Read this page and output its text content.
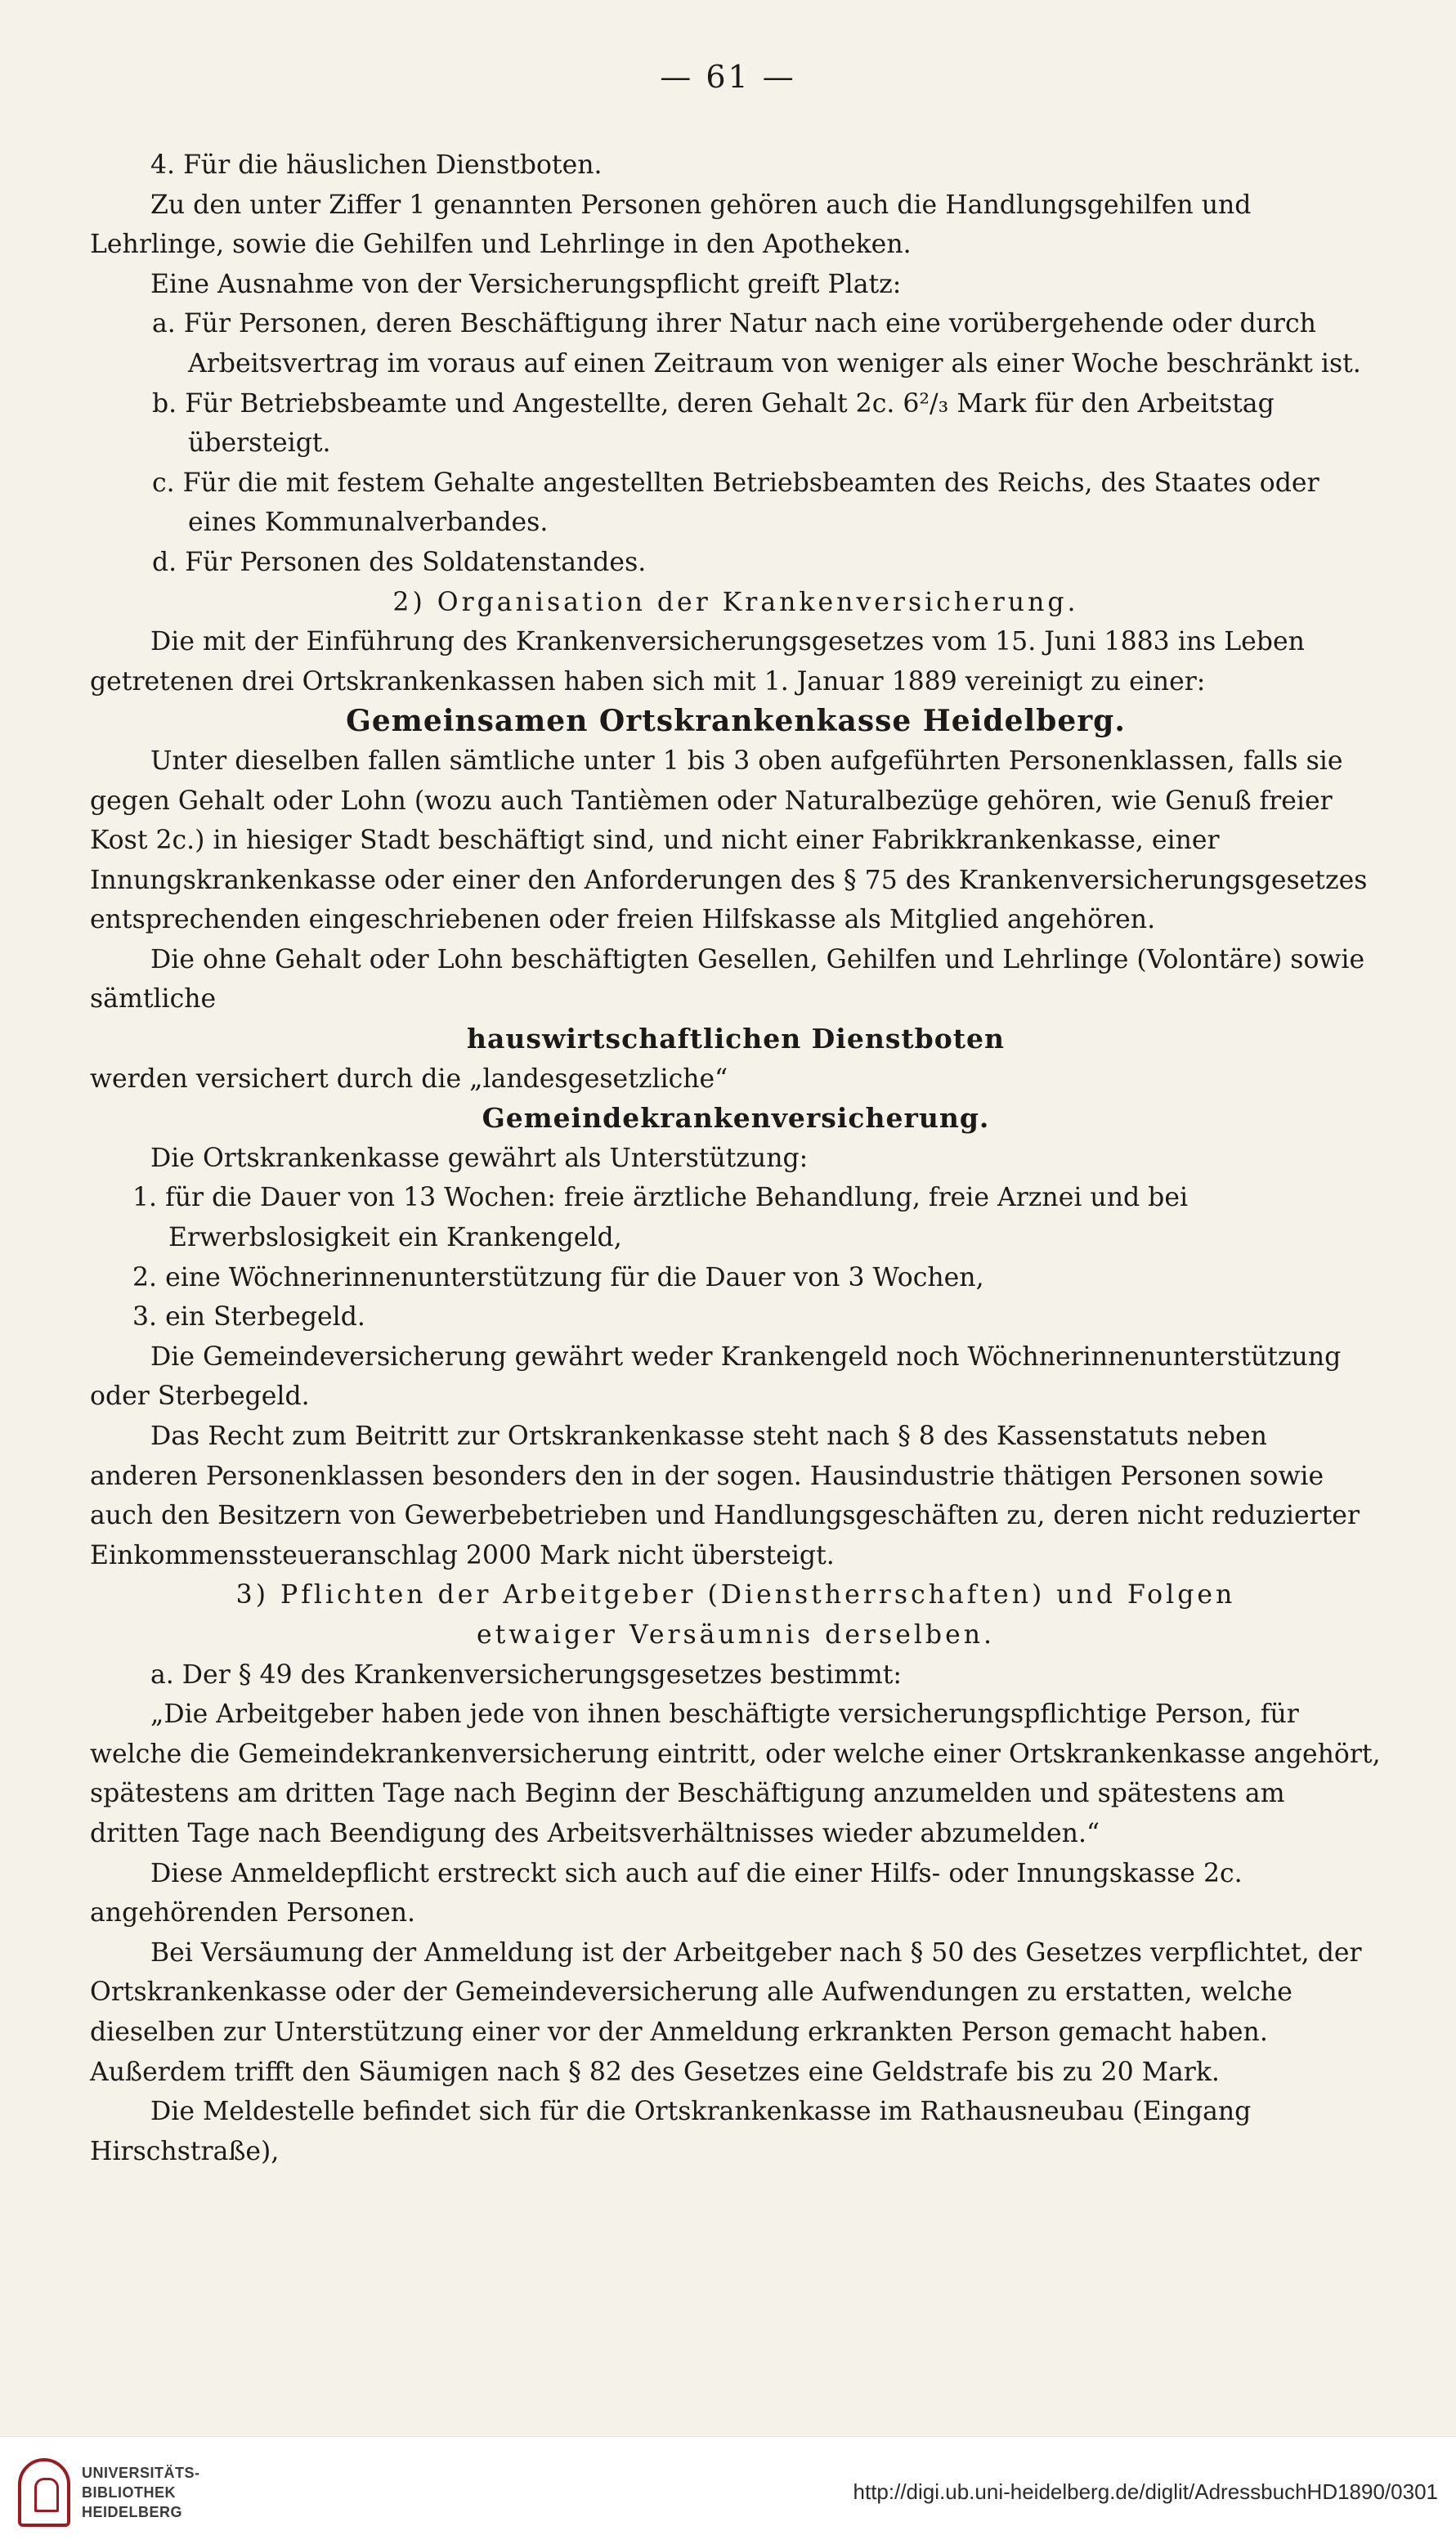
— 61 —

4. Für die häuslichen Dienstboten.

Zu den unter Ziffer 1 genannten Personen gehören auch die Handlungsgehilfen und Lehrlinge, sowie die Gehilfen und Lehrlinge in den Apotheken.

Eine Ausnahme von der Versicherungspflicht greift Platz:

a. Für Personen, deren Beschäftigung ihrer Natur nach eine vorübergehende oder durch Arbeitsvertrag im voraus auf einen Zeitraum von weniger als einer Woche beschränkt ist.

b. Für Betriebsbeamte und Angestellte, deren Gehalt 2c. 6²/₃ Mark für den Arbeitstag übersteigt.

c. Für die mit festem Gehalte angestellten Betriebsbeamten des Reichs, des Staates oder eines Kommunalverbandes.

d. Für Personen des Soldatenstandes.

2) Organisation der Krankenversicherung.

Die mit der Einführung des Krankenversicherungsgesetzes vom 15. Juni 1883 ins Leben getretenen drei Ortskrankenkassen haben sich mit 1. Januar 1889 vereinigt zu einer:

Gemeinsamen Ortskrankenkasse Heidelberg.

Unter dieselben fallen sämtliche unter 1 bis 3 oben aufgeführten Personenklassen, falls sie gegen Gehalt oder Lohn (wozu auch Tantièmen oder Naturalbezüge gehören, wie Genuß freier Kost 2c.) in hiesiger Stadt beschäftigt sind, und nicht einer Fabrikkrankenkasse, einer Innungskrankenkasse oder einer den Anforderungen des § 75 des Krankenversicherungsgesetzes entsprechenden eingeschriebenen oder freien Hilfskasse als Mitglied angehören.

Die ohne Gehalt oder Lohn beschäftigten Gesellen, Gehilfen und Lehrlinge (Volontäre) sowie sämtliche

hauswirtschaftlichen Dienstboten

werden versichert durch die „landesgesetzliche“

Gemeindekrankenversicherung.

Die Ortskrankenkasse gewährt als Unterstützung:

1. für die Dauer von 13 Wochen: freie ärztliche Behandlung, freie Arznei und bei Erwerbslosigkeit ein Krankengeld,

2. eine Wöchnerinnenunterstützung für die Dauer von 3 Wochen,

3. ein Sterbegeld.

Die Gemeindeversicherung gewährt weder Krankengeld noch Wöchnerinnenunterstützung oder Sterbegeld.

Das Recht zum Beitritt zur Ortskrankenkasse steht nach § 8 des Kassenstatuts neben anderen Personenklassen besonders den in der sogen. Hausindustrie thätigen Personen sowie auch den Besitzern von Gewerbebetrieben und Handlungsgeschäften zu, deren nicht reduzierter Einkommenssteueranschlag 2000 Mark nicht übersteigt.

3) Pflichten der Arbeitgeber (Dienstherrschaften) und Folgen

etwaiger Versäumnis derselben.

a. Der § 49 des Krankenversicherungsgesetzes bestimmt:

„Die Arbeitgeber haben jede von ihnen beschäftigte versicherungspflichtige Person, für welche die Gemeindekrankenversicherung eintritt, oder welche einer Ortskrankenkasse angehört, spätestens am dritten Tage nach Beginn der Beschäftigung anzumelden und spätestens am dritten Tage nach Beendigung des Arbeitsverhältnisses wieder abzumelden.“

Diese Anmeldepflicht erstreckt sich auch auf die einer Hilfs- oder Innungskasse 2c. angehörenden Personen.

Bei Versäumung der Anmeldung ist der Arbeitgeber nach § 50 des Gesetzes verpflichtet, der Ortskrankenkasse oder der Gemeindeversicherung alle Aufwendungen zu erstatten, welche dieselben zur Unterstützung einer vor der Anmeldung erkrankten Person gemacht haben. Außerdem trifft den Säumigen nach § 82 des Gesetzes eine Geldstrafe bis zu 20 Mark.

Die Meldestelle befindet sich für die Ortskrankenkasse im Rathausneubau (Eingang Hirschstraße),

UNIVERSITÄTS-
BIBLIOTHEK
HEIDELBERG
http://digi.ub.uni-heidelberg.de/diglit/AdressbuchHD1890/0301
